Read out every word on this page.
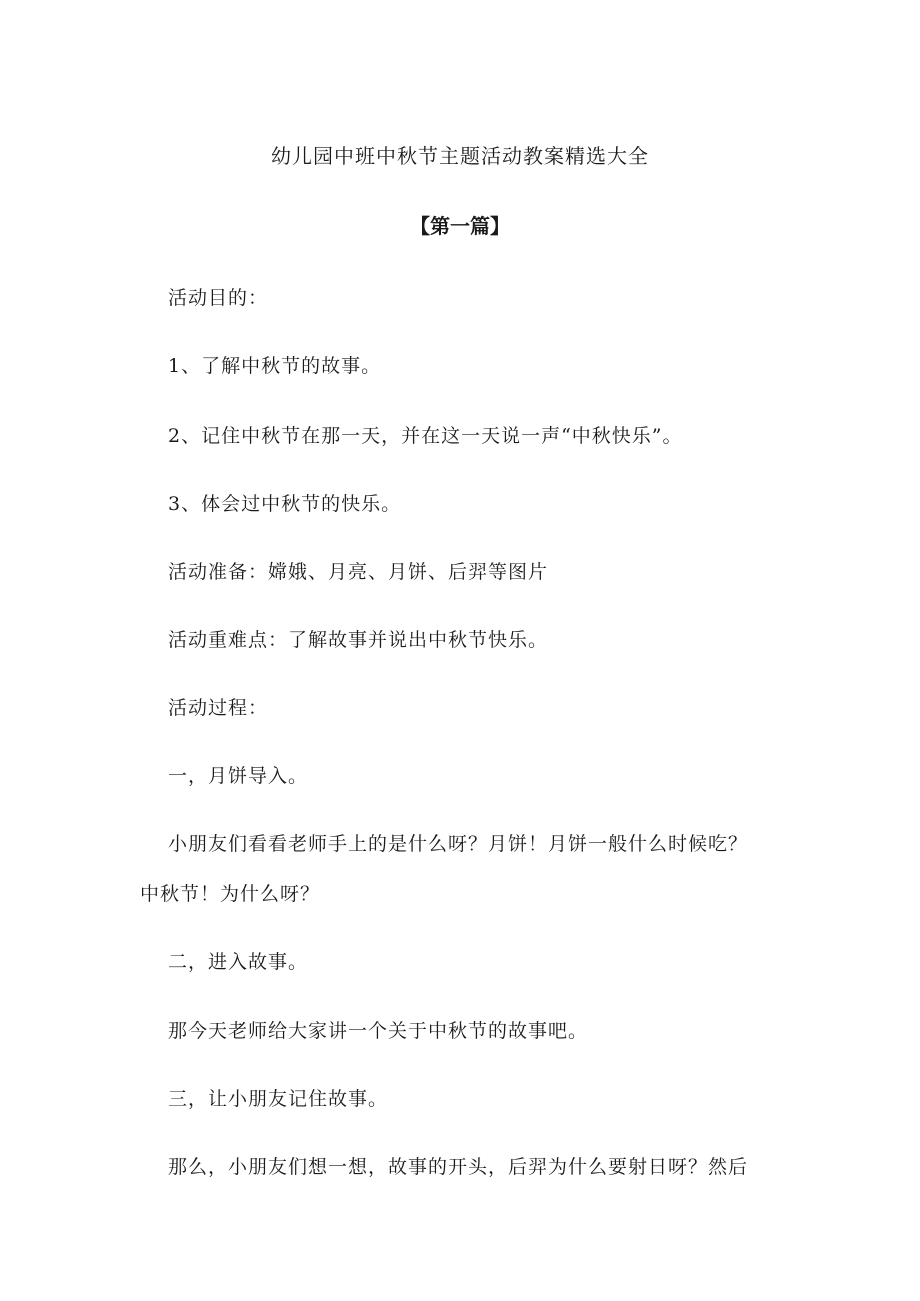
幼儿园中班中秋节主题活动教案精选大全
【第一篇】
活动目的：
1、了解中秋节的故事。
2、记住中秋节在那一天，并在这一天说一声“中秋快乐”。
3、体会过中秋节的快乐。
活动准备：嫦娥、月亮、月饼、后羿等图片
活动重难点：了解故事并说出中秋节快乐。
活动过程：
一，月饼导入。
小朋友们看看老师手上的是什么呀？月饼！月饼一般什么时候吃？
中秋节！为什么呀？
二，进入故事。
那今天老师给大家讲一个关于中秋节的故事吧。
三，让小朋友记住故事。
那么，小朋友们想一想，故事的开头，后羿为什么要射日呀？然后
